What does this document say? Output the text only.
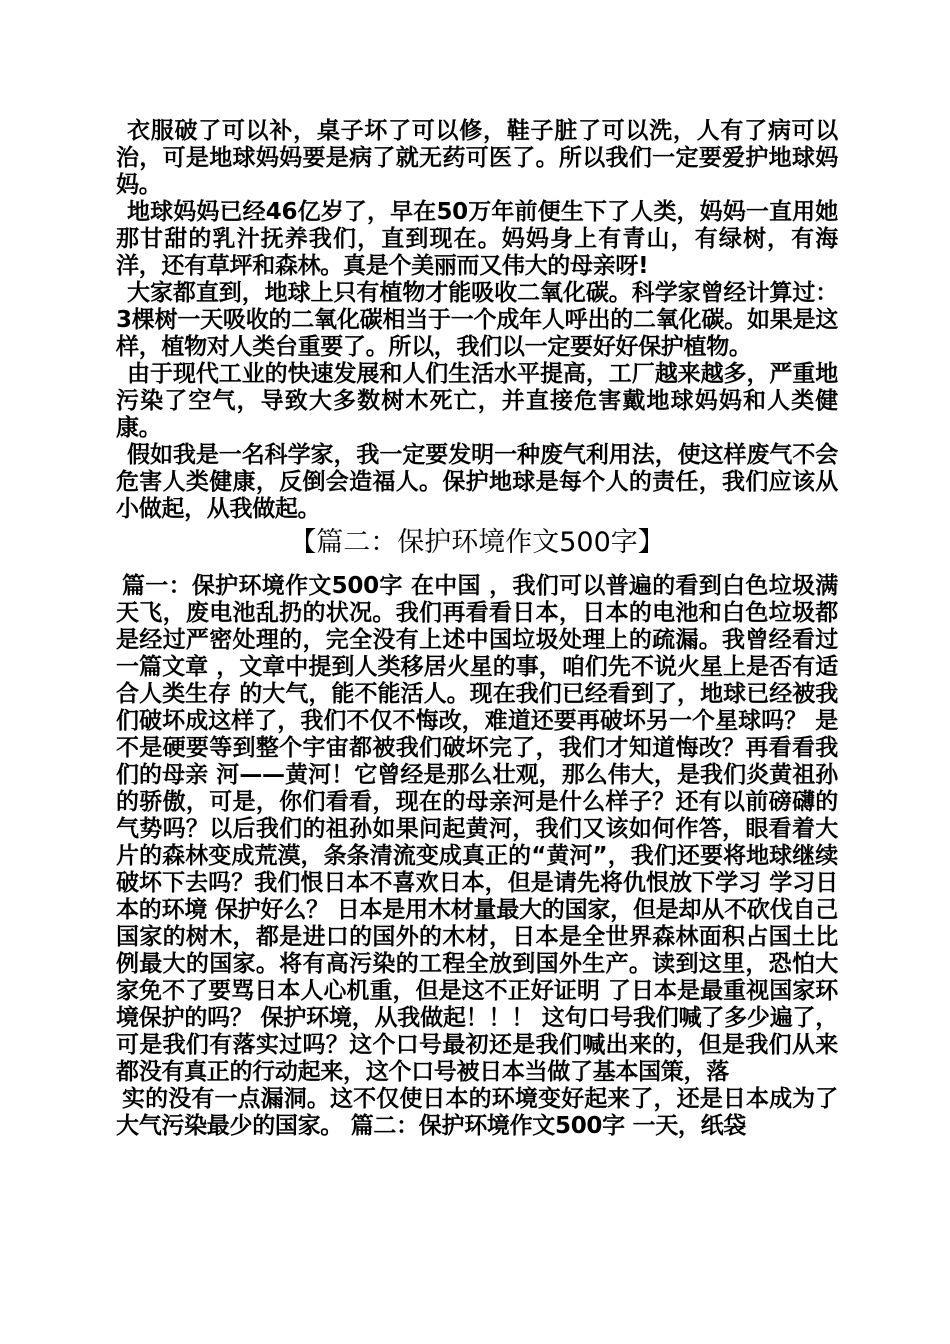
衣服破了可以补，桌子坏了可以修，鞋子脏了可以洗，人有了病可以治，可是地球妈妈要是病了就无药可医了。所以我们一定要爱护地球妈妈。

地球妈妈已经46亿岁了，早在50万年前便生下了人类，妈妈一直用她那甘甜的乳汁抚养我们，直到现在。妈妈身上有青山，有绿树，有海洋，还有草坪和森林。真是个美丽而又伟大的母亲呀!

大家都直到，地球上只有植物才能吸收二氧化碳。科学家曾经计算过：3棵树一天吸收的二氧化碳相当于一个成年人呼出的二氧化碳。如果是这样，植物对人类台重要了。所以，我们以一定要好好保护植物。

由于现代工业的快速发展和人们生活水平提高，工厂越来越多，严重地污染了空气，导致大多数树木死亡，并直接危害戴地球妈妈和人类健康。

假如我是一名科学家，我一定要发明一种废气利用法，使这样废气不会危害人类健康，反倒会造福人。保护地球是每个人的责任，我们应该从小做起，从我做起。

【篇二：保护环境作文500字】

篇一：保护环境作文500字 在中国 ，我们可以普遍的看到白色垃圾满天飞，废电池乱扔的状况。我们再看看日本，日本的电池和白色垃圾都是经过严密处理的，完全没有上述中国垃圾处理上的疏漏。我曾经看过一篇文章 ，文章中提到人类移居火星的事，咱们先不说火星上是否有适合人类生存 的大气，能不能活人。现在我们已经看到了，地球已经被我们破坏成这样了，我们不仅不悔改，难道还要再破坏另一个星球吗？ 是不是硬要等到整个宇宙都被我们破坏完了，我们才知道悔改？再看看我们的母亲 河——黄河！它曾经是那么壮观，那么伟大，是我们炎黄祖孙的骄傲，可是，你们看看，现在的母亲河是什么样子？还有以前磅礴的气势吗？以后我们的祖孙如果问起黄河，我们又该如何作答，眼看着大片的森林变成荒漠，条条清流变成真正的“黄河”，我们还要将地球继续破坏下去吗？我们恨日本不喜欢日本，但是请先将仇恨放下学习 学习日本的环境 保护好么？ 日本是用木材量最大的国家，但是却从不砍伐自己国家的树木，都是进口的国外的木材，日本是全世界森林面积占国土比例最大的国家。将有高污染的工程全放到国外生产。读到这里，恐怕大家免不了要骂日本人心机重，但是这不正好证明 了日本是最重视国家环境保护的吗？ 保护环境，从我做起！！！ 这句口号我们喊了多少遍了，可是我们有落实过吗？这个口号最初还是我们喊出来的，但是我们从来都没有真正的行动起来，这个口号被日本当做了基本国策，落

实的没有一点漏洞。这不仅使日本的环境变好起来了，还是日本成为了大气污染最少的国家。 篇二：保护环境作文500字 一天，纸袋
